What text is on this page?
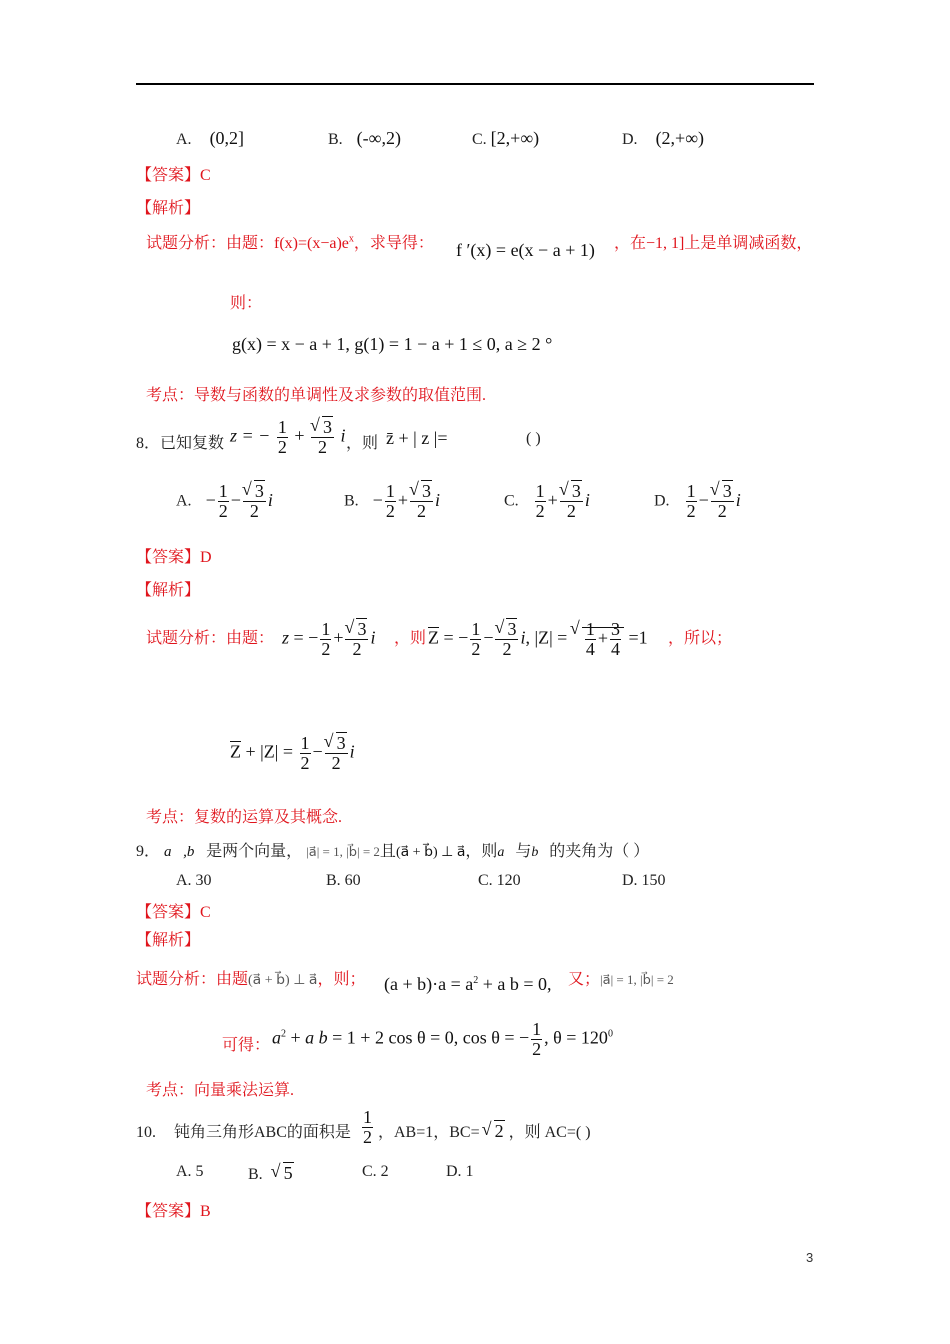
A. (0,2]	B. (-∞,2)	C. [2,+∞)	D. (2,+∞)
【答案】C
【解析】
试题分析：由题：$f(x)=(x-a)e^x$，求导得： f ′(x) = e(x − a + 1) ，在−1, 1]上是单调减函数，
则：
g(x) = x − a + 1, g(1) = 1 − a + 1 ≤ 0, a ≥ 2 °
考点：导数与函数的单调性及求参数的取值范围.
8．已知复数 z = − $\frac{1}{2}$ + √ $\frac{3}{2}$ i ，则 z̄ + | z |=	( )
A. − $\frac{1}{2}$ − √ $\frac{3}{2}$ i	B. − $\frac{1}{2}$ + √ $\frac{3}{2}$ i	C. $\frac{1}{2}$ + √ $\frac{3}{2}$ i	D. $\frac{1}{2}$ − √ $\frac{3}{2}$ i
【答案】D
【解析】
试题分析：由题： z = − $\frac{1}{2}$ + √ $\frac{3}{2}$ i ，则 $\overline{Z}$ = − $\frac{1}{2}$ − √ $\frac{3}{2} i$, |Z| = √ $\frac{1}{4} + \frac{3}{4} =1$ ，所以；
$\overline{Z} + |Z| = \frac{1}{2}$ − √ $\frac{3}{2}$ i
考点：复数的运算及其概念.
9． a⃗,b⃗是两个向量， |a⃗| = 1, |b⃗| = 2且(a⃗ + b⃗) ⊥ a⃗，则a⃗与b⃗的夹角为（ ）
A. 30	B. 60	C. 120	D. 150
【答案】C
【解析】
试题分析：由题(a⃗ + b⃗) ⊥ a⃗，则； $(a + b)\cdot a = a^2 + a$ b = 0, 又；|a⃗| = 1, |b⃗| = 2
可得： $a^2 + a$ b = 1 + 2 cos θ = 0, cos θ = − $\frac{1}{2}$ , $\theta = 120^0$
考点：向量乘法运算.
10. 钝角三角形ABC的面积是 $\frac{1}{2}$ ，AB=1，BC= √ 2 ，则 AC=( )
A. 5	B. √ 5	C. 2	D. 1
【答案】B
3
